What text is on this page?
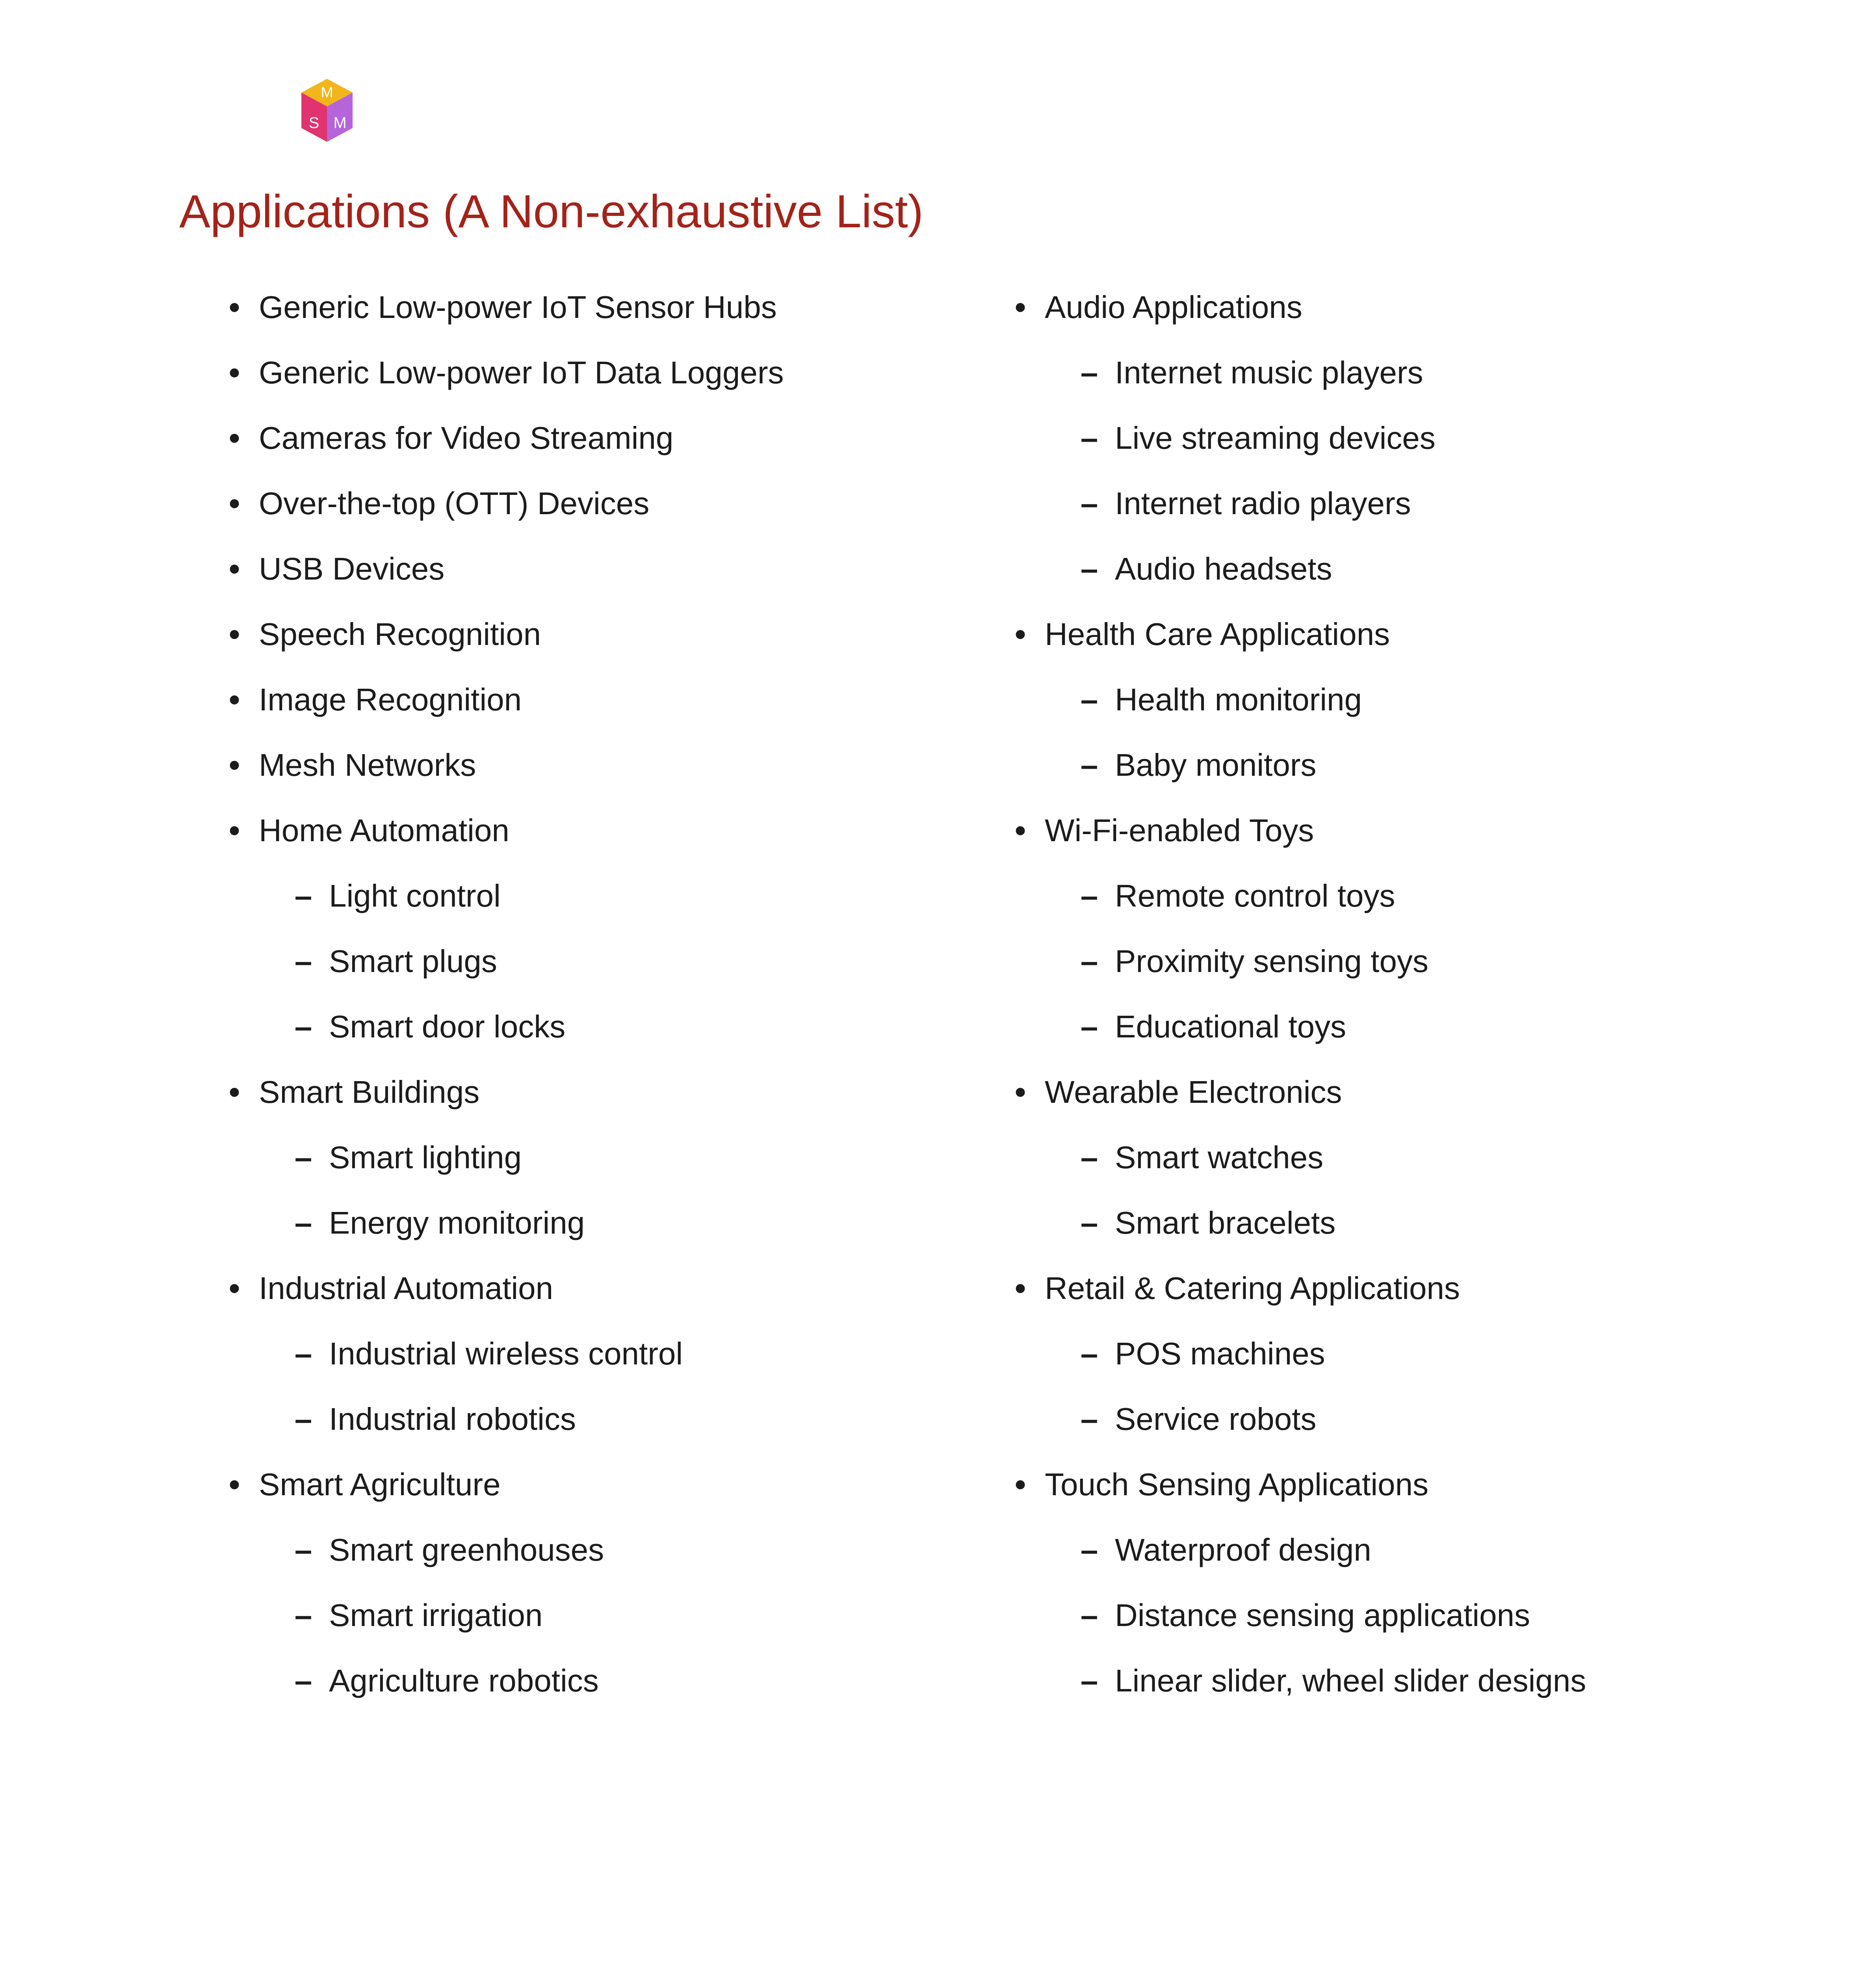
M
S M
Applications (A Non-exhaustive List)
• Generic Low-power IoT Sensor Hubs
• Generic Low-power IoT Data Loggers
• Cameras for Video Streaming
• Over-the-top (OTT) Devices
• USB Devices
• Speech Recognition
• Image Recognition
• Mesh Networks
• Home Automation
– Light control
– Smart plugs
– Smart door locks
• Smart Buildings
– Smart lighting
– Energy monitoring
• Industrial Automation
– Industrial wireless control
– Industrial robotics
• Smart Agriculture
– Smart greenhouses
– Smart irrigation
– Agriculture robotics
• Audio Applications
– Internet music players
– Live streaming devices
– Internet radio players
– Audio headsets
• Health Care Applications
– Health monitoring
– Baby monitors
• Wi-Fi-enabled Toys
– Remote control toys
– Proximity sensing toys
– Educational toys
• Wearable Electronics
– Smart watches
– Smart bracelets
• Retail & Catering Applications
– POS machines
– Service robots
• Touch Sensing Applications
– Waterproof design
– Distance sensing applications
– Linear slider, wheel slider designs
